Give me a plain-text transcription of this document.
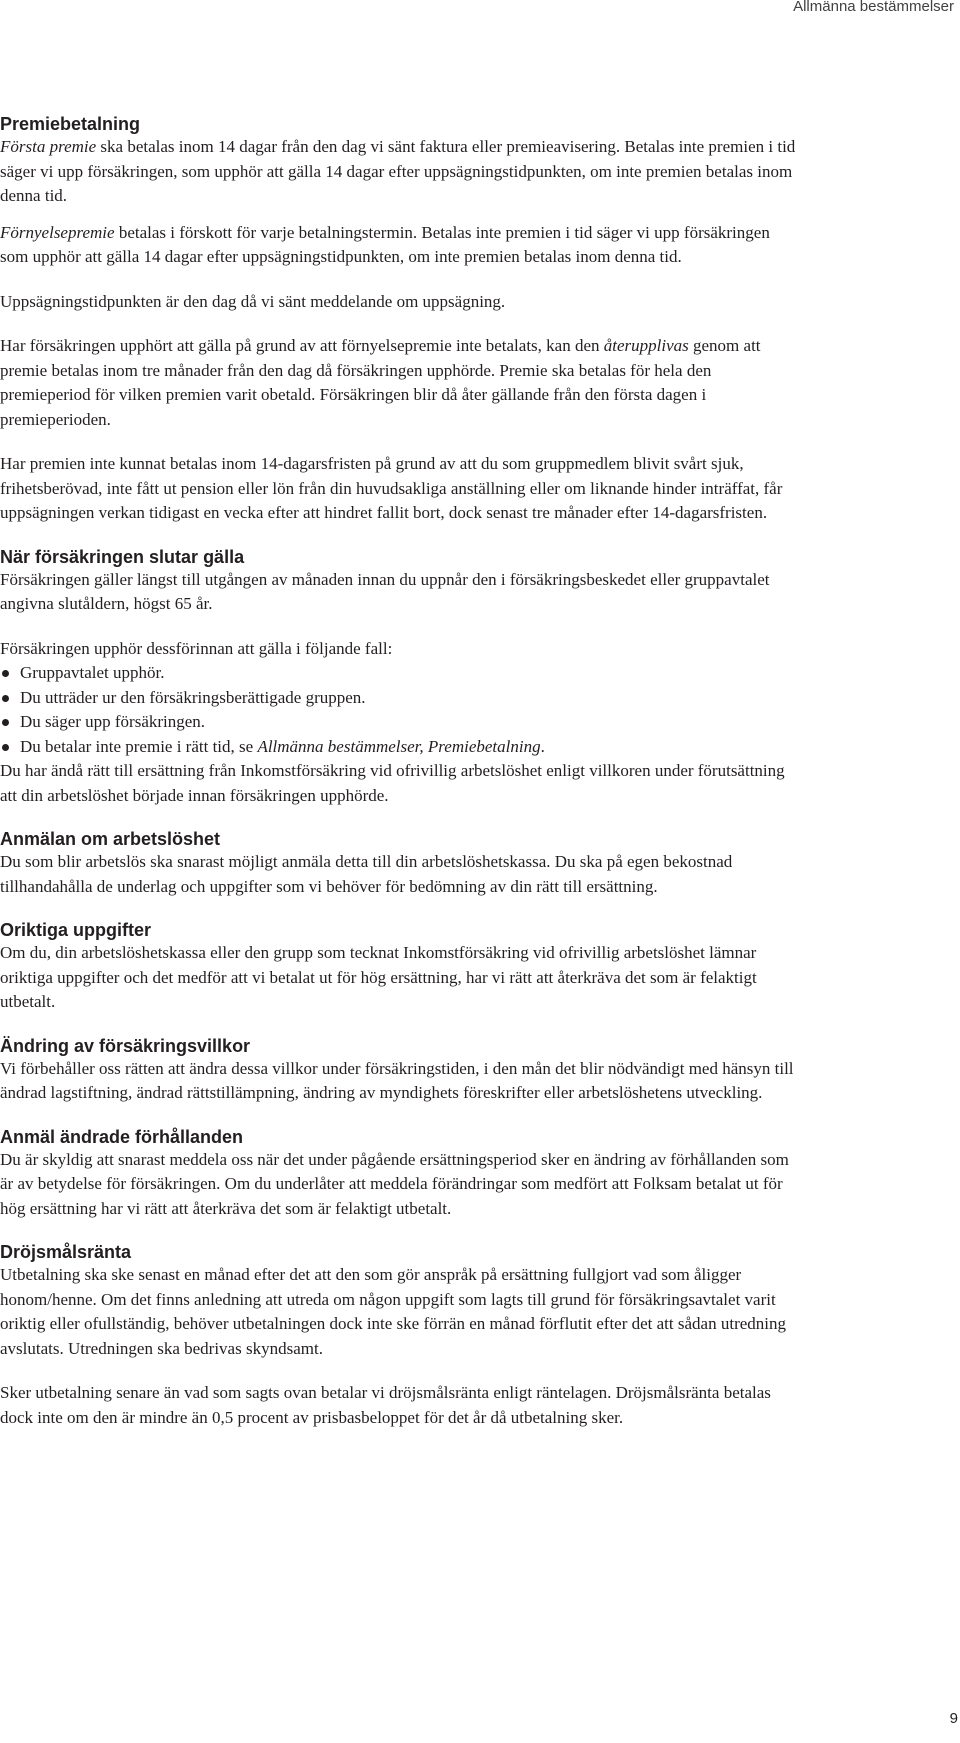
Allmänna bestämmelser
Premiebetalning

Första premie ska betalas inom 14 dagar från den dag vi sänt faktura eller premieavisering. Betalas inte premien i tid säger vi upp försäkringen, som upphör att gälla 14 dagar efter uppsägningstidpunkten, om inte premien betalas inom denna tid.

Förnyelsepremie betalas i förskott för varje betalningstermin. Betalas inte premien i tid säger vi upp försäkringen som upphör att gälla 14 dagar efter uppsägningstidpunkten, om inte premien betalas inom denna tid.

Uppsägningstidpunkten är den dag då vi sänt meddelande om uppsägning.

Har försäkringen upphört att gälla på grund av att förnyelsepremie inte betalats, kan den återupplivas genom att premie betalas inom tre månader från den dag då försäkringen upphörde. Premie ska betalas för hela den premieperiod för vilken premien varit obetald. Försäkringen blir då åter gällande från den första dagen i premieperioden.

Har premien inte kunnat betalas inom 14-dagarsfristen på grund av att du som gruppmedlem blivit svårt sjuk, frihetsberövad, inte fått ut pension eller lön från din huvudsakliga anställning eller om liknande hinder inträffat, får uppsägningen verkan tidigast en vecka efter att hindret fallit bort, dock senast tre månader efter 14-dagarsfristen.

När försäkringen slutar gälla

Försäkringen gäller längst till utgången av månaden innan du uppnår den i försäkringsbeskedet eller gruppavtalet angivna slutåldern, högst 65 år.

Försäkringen upphör dessförinnan att gälla i följande fall:

Gruppavtalet upphör.
Du utträder ur den försäkringsberättigade gruppen.
Du säger upp försäkringen.
Du betalar inte premie i rätt tid, se Allmänna bestämmelser, Premiebetalning.

Du har ändå rätt till ersättning från Inkomstförsäkring vid ofrivillig arbetslöshet enligt villkoren under förutsättning att din arbetslöshet började innan försäkringen upphörde.

Anmälan om arbetslöshet

Du som blir arbetslös ska snarast möjligt anmäla detta till din arbetslöshetskassa. Du ska på egen bekostnad tillhandahålla de underlag och uppgifter som vi behöver för bedömning av din rätt till ersättning.

Oriktiga uppgifter

Om du, din arbetslöshetskassa eller den grupp som tecknat Inkomstförsäkring vid ofrivillig arbetslöshet lämnar oriktiga uppgifter och det medför att vi betalat ut för hög ersättning, har vi rätt att återkräva det som är felaktigt utbetalt.

Ändring av försäkringsvillkor

Vi förbehåller oss rätten att ändra dessa villkor under försäkringstiden, i den mån det blir nödvändigt med hänsyn till ändrad lagstiftning, ändrad rättstillämpning, ändring av myndighets föreskrifter eller arbetslöshetens utveckling.

Anmäl ändrade förhållanden

Du är skyldig att snarast meddela oss när det under pågående ersättningsperiod sker en ändring av förhållanden som är av betydelse för försäkringen. Om du underlåter att meddela förändringar som medfört att Folksam betalat ut för hög ersättning har vi rätt att återkräva det som är felaktigt utbetalt.

Dröjsmålsränta

Utbetalning ska ske senast en månad efter det att den som gör anspråk på ersättning fullgjort vad som åligger honom/henne. Om det finns anledning att utreda om någon uppgift som lagts till grund för försäkringsavtalet varit oriktig eller ofullständig, behöver utbetalningen dock inte ske förrän en månad förflutit efter det att sådan utredning avslutats. Utredningen ska bedrivas skyndsamt.

Sker utbetalning senare än vad som sagts ovan betalar vi dröjsmålsränta enligt räntelagen. Dröjsmålsränta betalas dock inte om den är mindre än 0,5 procent av prisbasbeloppet för det år då utbetalning sker.

9
